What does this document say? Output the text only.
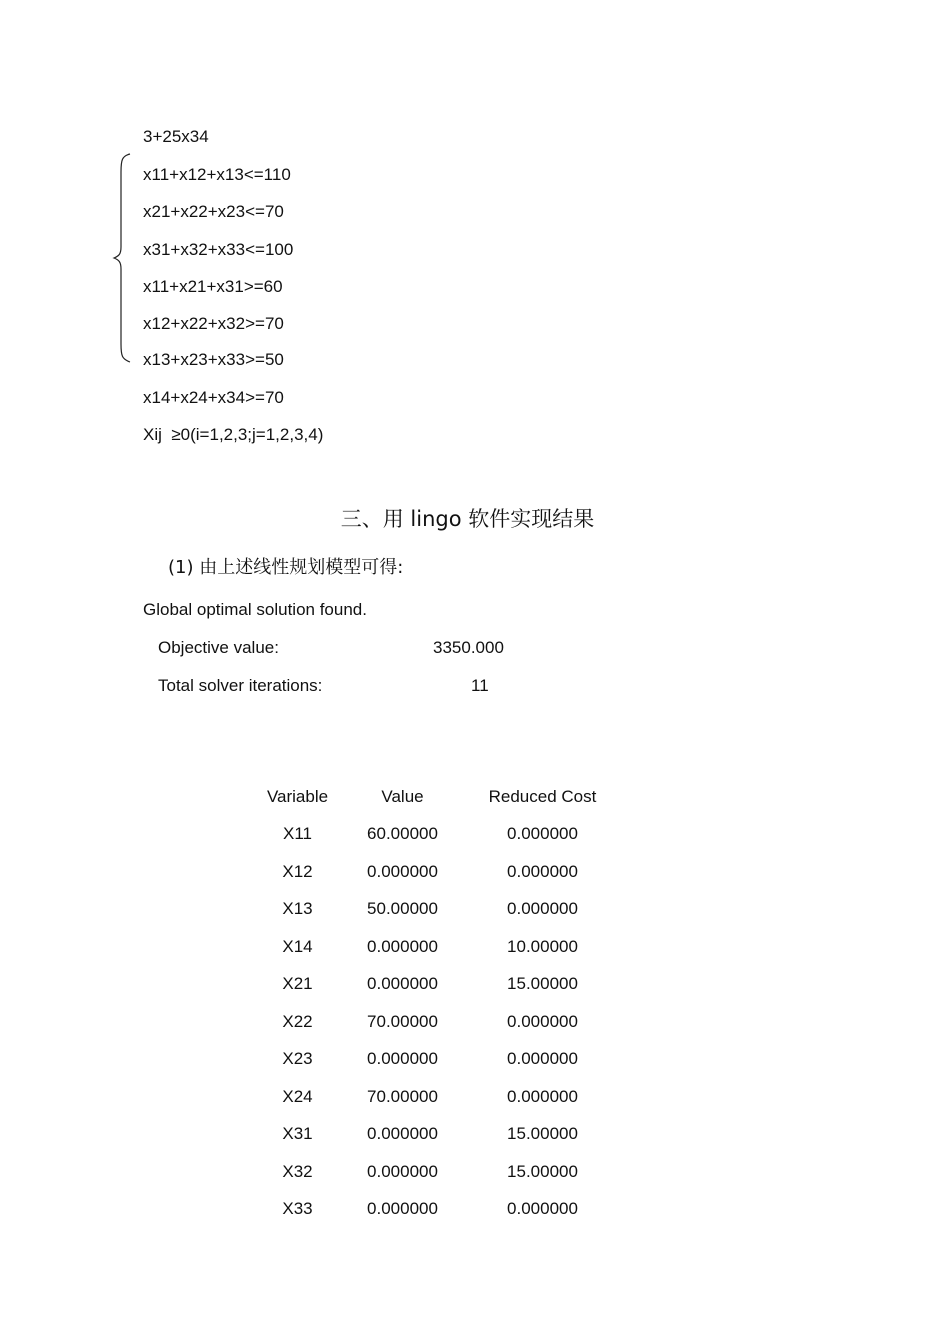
3+25x34
x11+x12+x13<=110
x21+x22+x23<=70
x31+x32+x33<=100
x11+x21+x31>=60
x12+x22+x32>=70
x13+x23+x33>=50
x14+x24+x34>=70
Xij  ≥0(i=1,2,3;j=1,2,3,4)
三、用 lingo 软件实现结果
(1) 由上述线性规划模型可得:
Global optimal solution found.
Objective value:	3350.000
Total solver iterations:	11
Variable	Value	Reduced Cost
X11	60.00000	0.000000
X12	0.000000	0.000000
X13	50.00000	0.000000
X14	0.000000	10.00000
X21	0.000000	15.00000
X22	70.00000	0.000000
X23	0.000000	0.000000
X24	70.00000	0.000000
X31	0.000000	15.00000
X32	0.000000	15.00000
X33	0.000000	0.000000
